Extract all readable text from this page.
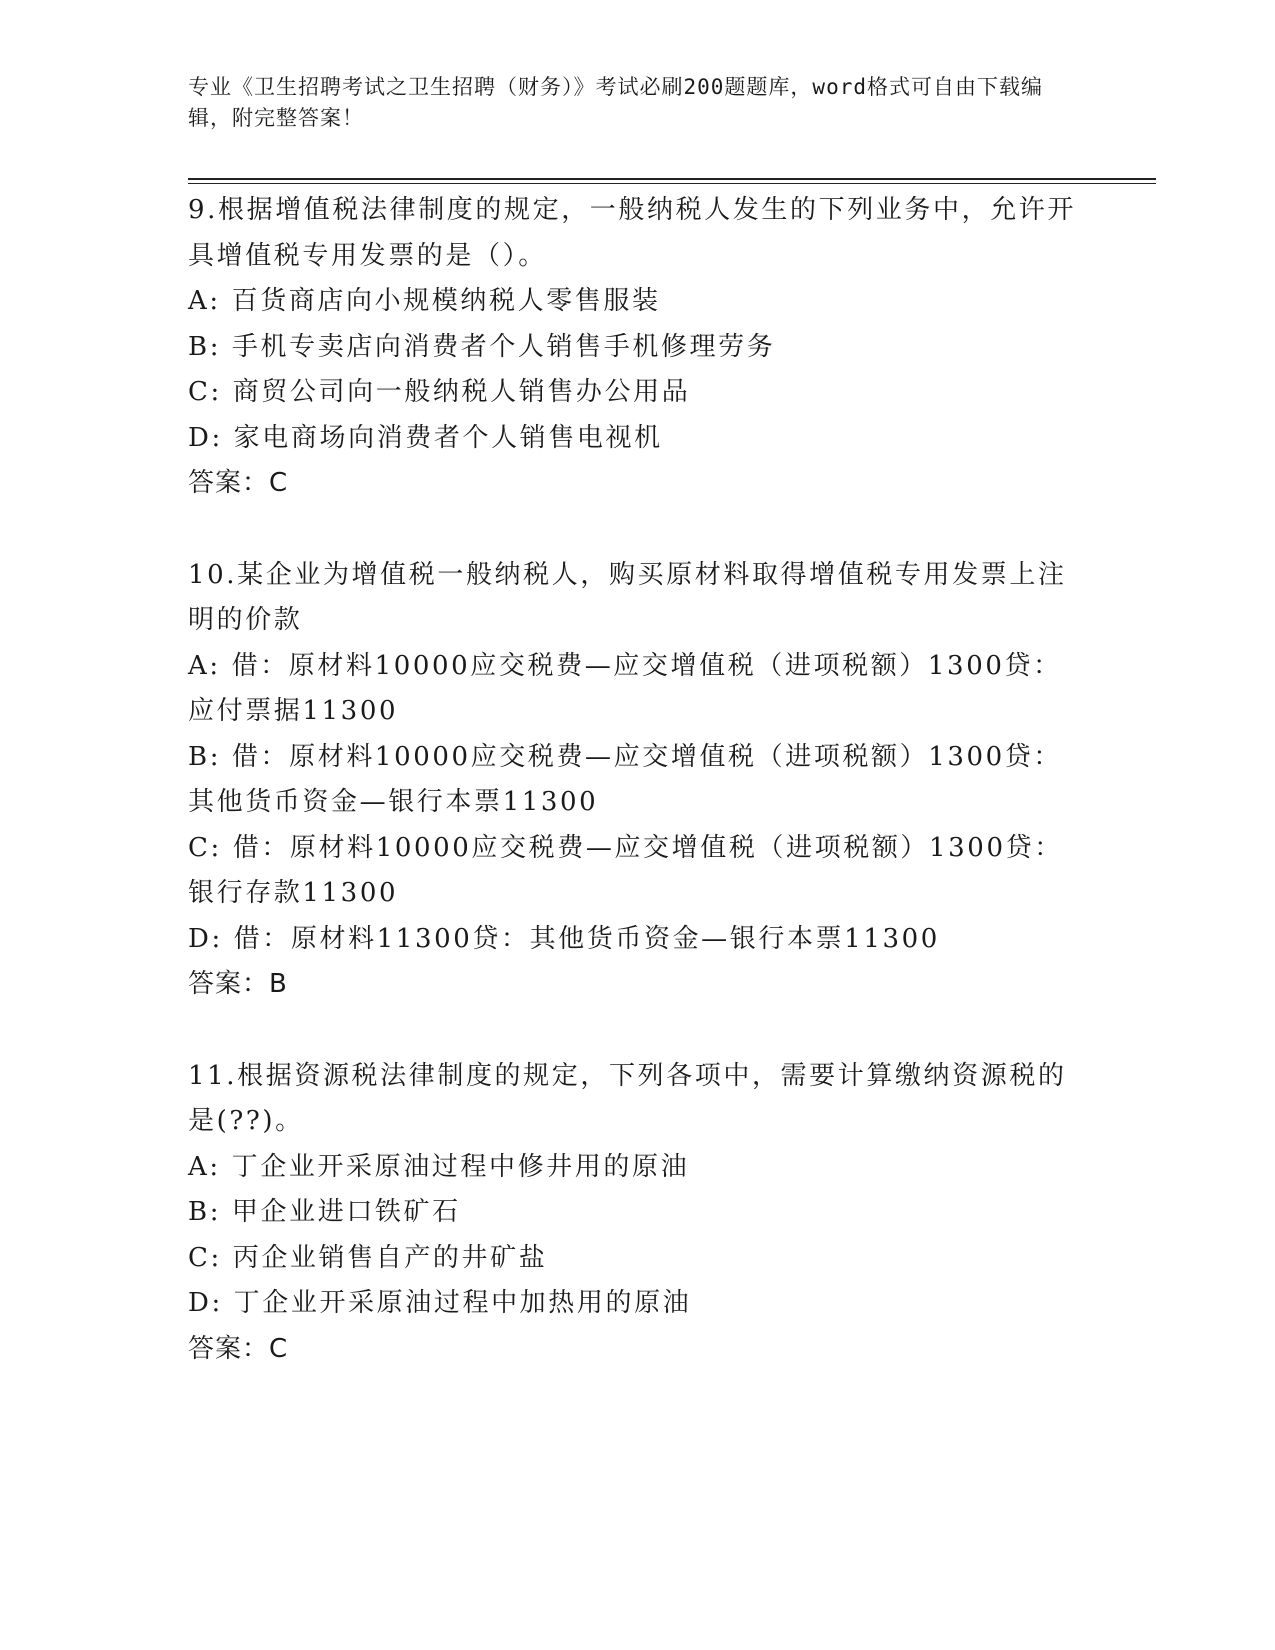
专业《卫生招聘考试之卫生招聘（财务）》考试必刷200题题库，word格式可自由下载编辑，附完整答案！
9.根据增值税法律制度的规定，一般纳税人发生的下列业务中，允许开具增值税专用发票的是（）。
A: 百货商店向小规模纳税人零售服装
B: 手机专卖店向消费者个人销售手机修理劳务
C: 商贸公司向一般纳税人销售办公用品
D: 家电商场向消费者个人销售电视机
答案：C
10.某企业为增值税一般纳税人，购买原材料取得增值税专用发票上注明的价款
A: 借：原材料10000应交税费—应交增值税（进项税额）1300贷：应付票据11300
B: 借：原材料10000应交税费—应交增值税（进项税额）1300贷：其他货币资金—银行本票11300
C: 借：原材料10000应交税费—应交增值税（进项税额）1300贷：银行存款11300
D: 借：原材料11300贷：其他货币资金—银行本票11300
答案：B
11.根据资源税法律制度的规定，下列各项中，需要计算缴纳资源税的是(??)。
A: 丁企业开采原油过程中修井用的原油
B: 甲企业进口铁矿石
C: 丙企业销售自产的井矿盐
D: 丁企业开采原油过程中加热用的原油
答案：C
